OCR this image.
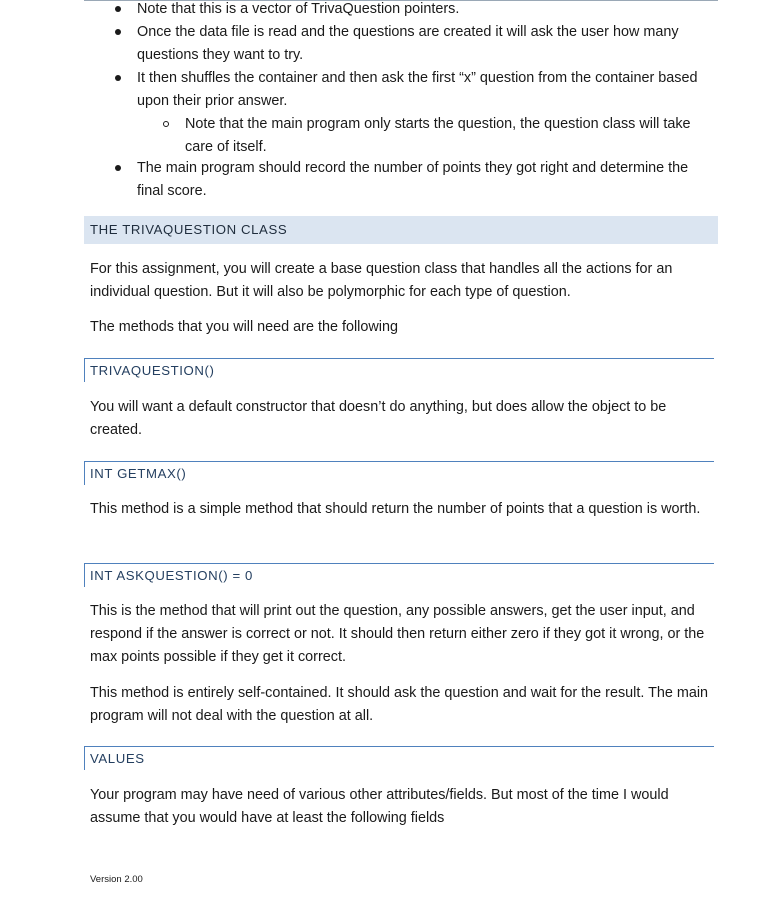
Note that this is a vector of TrivaQuestion pointers.
Once the data file is read and the questions are created it will ask the user how many questions they want to try.
It then shuffles the container and then ask the first “x” question from the container based upon their prior answer.
Note that the main program only starts the question, the question class will take care of itself.
The main program should record the number of points they got right and determine the final score.
THE TRIVAQUESTION CLASS
For this assignment, you will create a base question class that handles all the actions for an individual question. But it will also be polymorphic for each type of question.
The methods that you will need are the following
TRIVAQUESTION()
You will want a default constructor that doesn’t do anything, but does allow the object to be created.
INT GETMAX()
This method is a simple method that should return the number of points that a question is worth.
INT ASKQUESTION() = 0
This is the method that will print out the question, any possible answers, get the user input, and respond if the answer is correct or not. It should then return either zero if they got it wrong, or the max points possible if they get it correct.
This method is entirely self-contained. It should ask the question and wait for the result. The main program will not deal with the question at all.
VALUES
Your program may have need of various other attributes/fields. But most of the time I would assume that you would have at least the following fields
Version 2.00
